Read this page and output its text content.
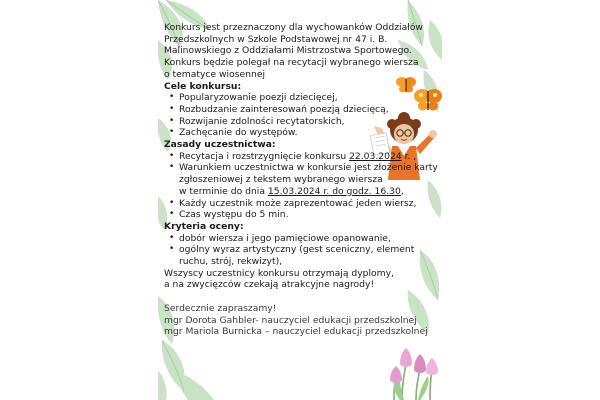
Konkurs jest przeznaczony dla wychowanków Oddziałów
Przedszkolnych w Szkole Podstawowej nr 47 i. B.
Malinowskiego z Oddziałami Mistrzostwa Sportowego.
Konkurs będzie polegał na recytacji wybranego wiersza
o tematyce wiosennej
Cele konkursu:
• Popularyzowanie poezji dziecięcej,
• Rozbudzanie zainteresowań poezją dziecięcą,
• Rozwijanie zdolności recytatorskich,
• Zachęcanie do występów.
Zasady uczestnictwa:
• Recytacja i rozstrzygnięcie konkursu 22.03.2024 r. ,
• Warunkiem uczestnictwa w konkursie jest złożenie karty
zgłoszeniowej z tekstem wybranego wiersza
w terminie do dnia 15.03.2024 r. do godz. 16.30,
• Każdy uczestnik może zaprezentować jeden wiersz,
• Czas występu do 5 min.
Kryteria oceny:
• dobór wiersza i jego pamięciowe opanowanie,
• ogólny wyraz artystyczny (gest sceniczny, element
ruchu, strój, rekwizyt),
Wszyscy uczestnicy konkursu otrzymają dyplomy,
a na zwycięzców czekają atrakcyjne nagrody!
Serdecznie zapraszamy!
mgr Dorota Gahbler- nauczyciel edukacji przedszkolnej
mgr Mariola Burnicka – nauczyciel edukacji przedszkolnej
